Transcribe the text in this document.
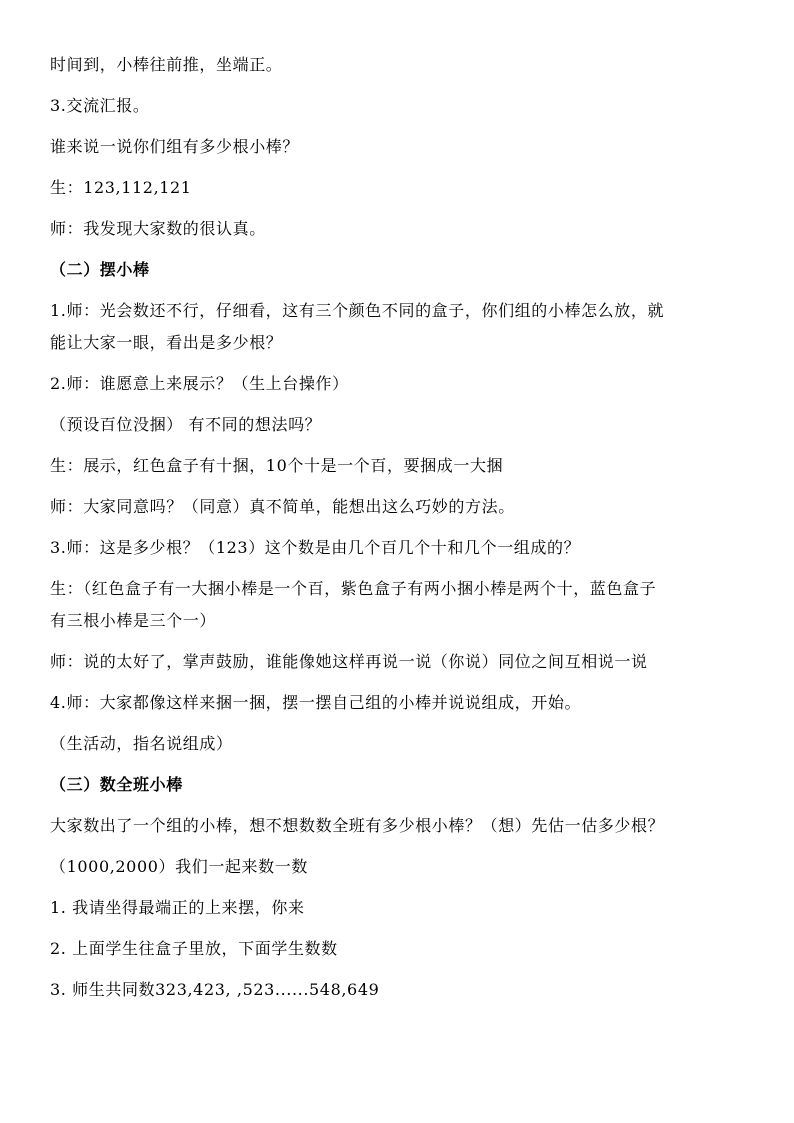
时间到，小棒往前推，坐端正。
3.交流汇报。
谁来说一说你们组有多少根小棒？
生：123,112,121
师：我发现大家数的很认真。
（二）摆小棒
1.师：光会数还不行，仔细看，这有三个颜色不同的盒子，你们组的小棒怎么放，就
能让大家一眼，看出是多少根？
2.师：谁愿意上来展示？（生上台操作）
（预设百位没捆） 有不同的想法吗？
生：展示，红色盒子有十捆，10个十是一个百，要捆成一大捆
师：大家同意吗？（同意）真不简单，能想出这么巧妙的方法。
3.师：这是多少根？（123）这个数是由几个百几个十和几个一组成的？
生：（红色盒子有一大捆小棒是一个百，紫色盒子有两小捆小棒是两个十，蓝色盒子
有三根小棒是三个一）
师：说的太好了，掌声鼓励，谁能像她这样再说一说（你说）同位之间互相说一说
4.师：大家都像这样来捆一捆，摆一摆自己组的小棒并说说组成，开始。
（生活动，指名说组成）
（三）数全班小棒
大家数出了一个组的小棒，想不想数数全班有多少根小棒？（想）先估一估多少根？
（1000,2000）我们一起来数一数
1. 我请坐得最端正的上来摆，你来
2. 上面学生往盒子里放，下面学生数数
3. 师生共同数323,423, ,523......548,649
